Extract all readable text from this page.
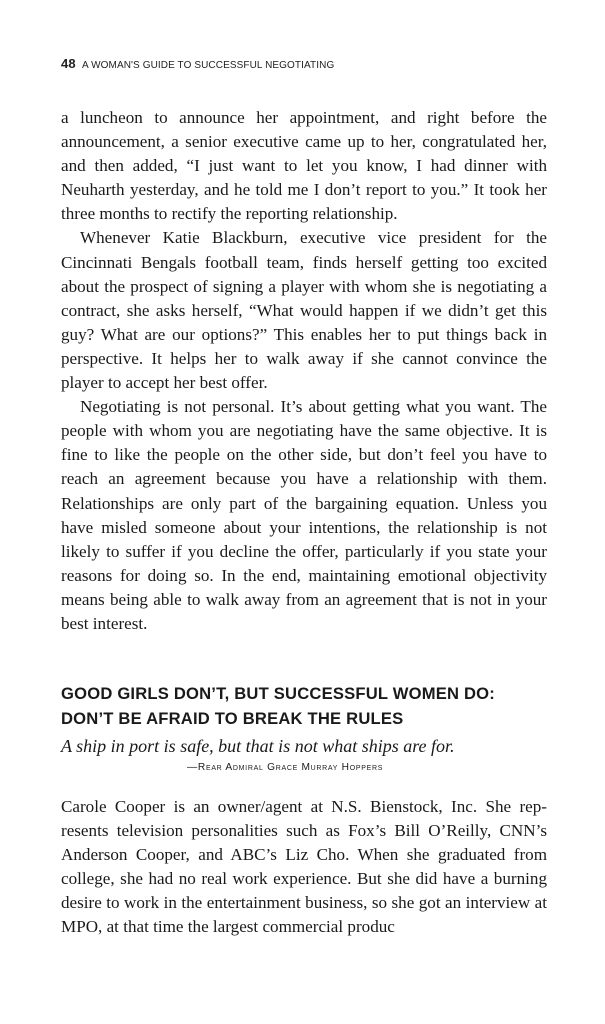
48 A WOMAN'S GUIDE TO SUCCESSFUL NEGOTIATING

a luncheon to announce her appointment, and right before the announcement, a senior executive came up to her, congratulated her, and then added, “I just want to let you know, I had dinner with Neuharth yesterday, and he told me I don’t report to you.” It took her three months to rectify the reporting relationship.

Whenever Katie Blackburn, executive vice president for the Cincinnati Bengals football team, finds herself getting too excited about the prospect of signing a player with whom she is negotiating a contract, she asks herself, “What would happen if we didn’t get this guy? What are our options?” This enables her to put things back in perspective. It helps her to walk away if she cannot convince the player to accept her best offer.

Negotiating is not personal. It’s about getting what you want. The people with whom you are negotiating have the same objective. It is fine to like the people on the other side, but don’t feel you have to reach an agreement because you have a relationship with them. Relationships are only part of the bargaining equation. Unless you have misled someone about your intentions, the relationship is not likely to suffer if you decline the offer, particularly if you state your reasons for doing so. In the end, maintaining emotional objectivity means being able to walk away from an agreement that is not in your best interest.

GOOD GIRLS DON’T, BUT SUCCESSFUL WOMEN DO:
DON’T BE AFRAID TO BREAK THE RULES

A ship in port is safe, but that is not what ships are for.

—Rear Admiral Grace Murray Hoppers

Carole Cooper is an owner/agent at N.S. Bienstock, Inc. She represents television personalities such as Fox’s Bill O’Reilly, CNN’s Anderson Cooper, and ABC’s Liz Cho. When she graduated from college, she had no real work experience. But she did have a burning desire to work in the entertainment business, so she got an interview at MPO, at that time the largest commercial produc
